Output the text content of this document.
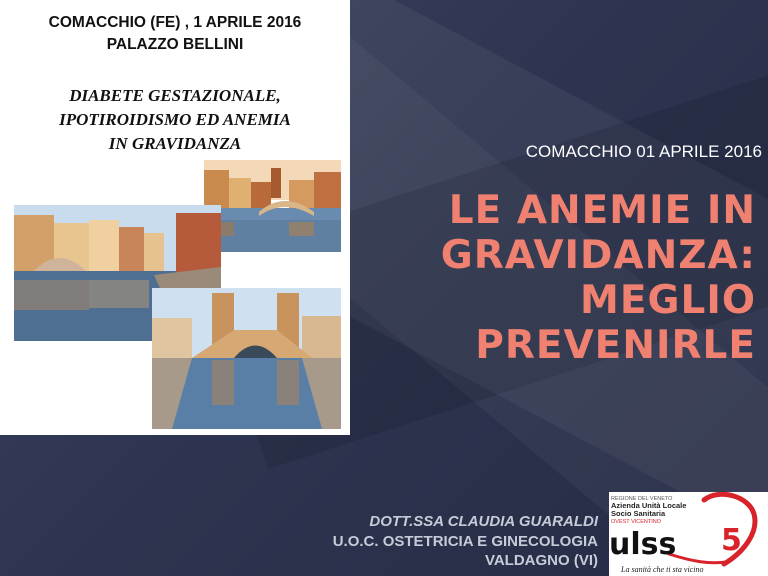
COMACCHIO (FE) , 1 APRILE 2016
PALAZZO BELLINI
DIABETE GESTAZIONALE,
IPOTIROIDISMO ED ANEMIA
IN GRAVIDANZA	COMACCHIO 01 APRILE 2016
LE ANEMIE IN
GRAVIDANZA:
MEGLIO
PREVENIRLE
DOTT.SSA CLAUDIA GUARALDI
U.O.C. OSTETRICIA E GINECOLOGIA
VALDAGNO (VI)
REGIONE DEL VENETO
Azienda Unità Locale
Socio Sanitaria
OVEST VICENTINO
ulss 5
La sanità che ti sta vicino
